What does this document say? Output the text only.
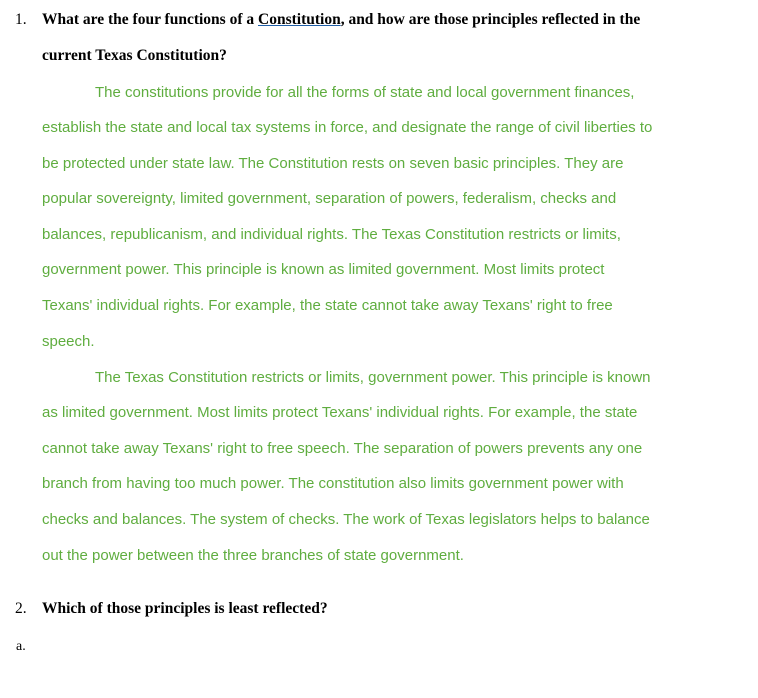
1. What are the four functions of a Constitution, and how are those principles reflected in the
current Texas Constitution?
The constitutions provide for all the forms of state and local government finances,
establish the state and local tax systems in force, and designate the range of civil liberties to
be protected under state law. The Constitution rests on seven basic principles. They are
popular sovereignty, limited government, separation of powers, federalism, checks and
balances, republicanism, and individual rights. The Texas Constitution restricts or limits,
government power. This principle is known as limited government. Most limits protect
Texans' individual rights. For example, the state cannot take away Texans' right to free
speech.
The Texas Constitution restricts or limits, government power. This principle is known
as limited government. Most limits protect Texans' individual rights. For example, the state
cannot take away Texans' right to free speech. The separation of powers prevents any one
branch from having too much power. The constitution also limits government power with
checks and balances. The system of checks. The work of Texas legislators helps to balance
out the power between the three branches of state government.
2. Which of those principles is least reflected?
a.
